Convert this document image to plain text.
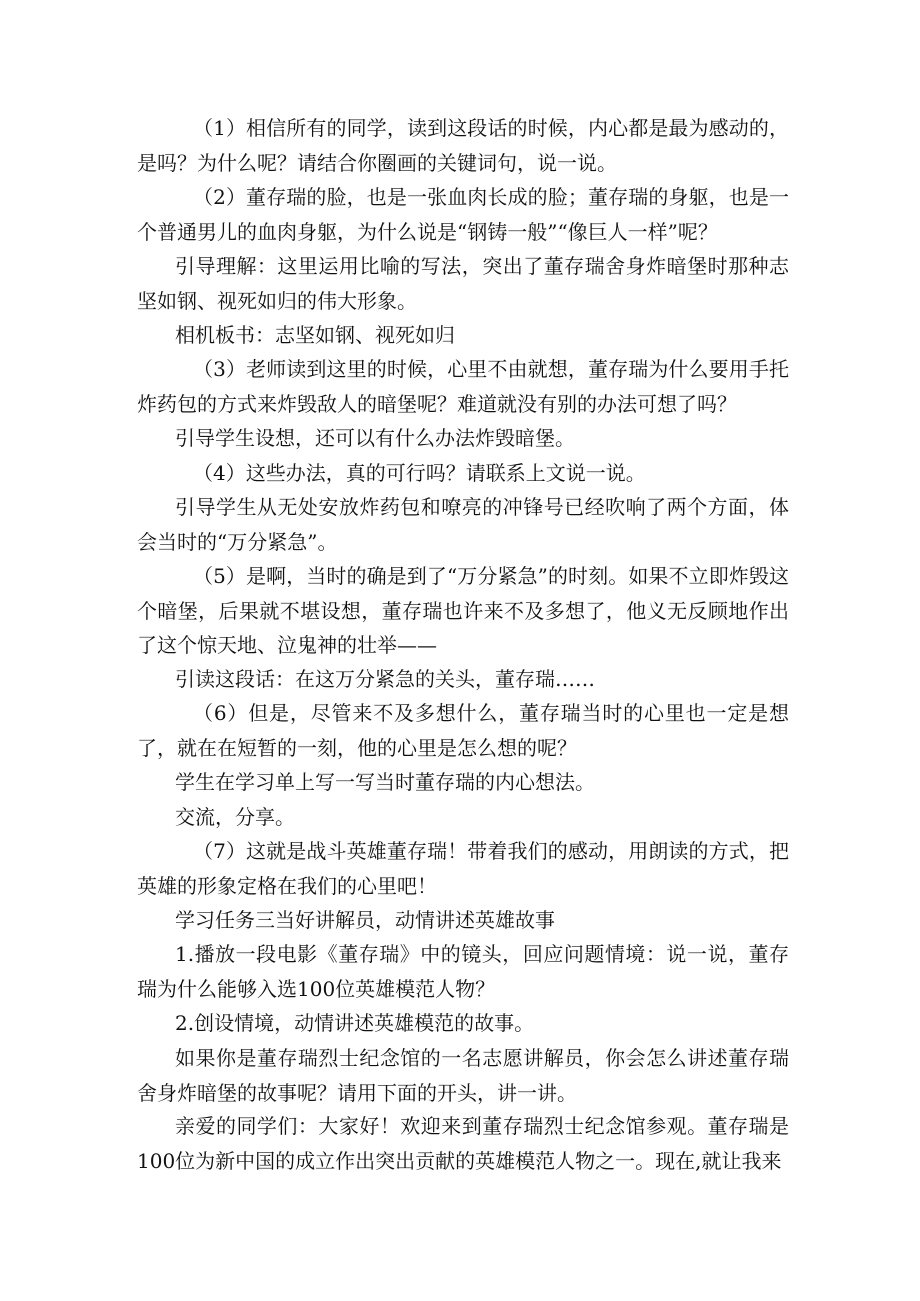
（1）相信所有的同学，读到这段话的时候，内心都是最为感动的，是吗？为什么呢？请结合你圈画的关键词句，说一说。

（2）董存瑞的脸，也是一张血肉长成的脸；董存瑞的身躯，也是一个普通男儿的血肉身躯，为什么说是“钢铸一般”“像巨人一样”呢？

引导理解：这里运用比喻的写法，突出了董存瑞舍身炸暗堡时那种志坚如钢、视死如归的伟大形象。

相机板书：志坚如钢、视死如归

（3）老师读到这里的时候，心里不由就想，董存瑞为什么要用手托炸药包的方式来炸毁敌人的暗堡呢？难道就没有别的办法可想了吗？

引导学生设想，还可以有什么办法炸毁暗堡。

（4）这些办法，真的可行吗？请联系上文说一说。

引导学生从无处安放炸药包和嘹亮的冲锋号已经吹响了两个方面，体会当时的“万分紧急”。

（5）是啊，当时的确是到了“万分紧急”的时刻。如果不立即炸毁这个暗堡，后果就不堪设想，董存瑞也许来不及多想了，他义无反顾地作出了这个惊天地、泣鬼神的壮举——

引读这段话：在这万分紧急的关头，董存瑞……

（6）但是，尽管来不及多想什么，董存瑞当时的心里也一定是想了，就在在短暂的一刻，他的心里是怎么想的呢？

学生在学习单上写一写当时董存瑞的内心想法。

交流，分享。

（7）这就是战斗英雄董存瑞！带着我们的感动，用朗读的方式，把英雄的形象定格在我们的心里吧！

学习任务三当好讲解员，动情讲述英雄故事

1.播放一段电影《董存瑞》中的镜头，回应问题情境：说一说，董存瑞为什么能够入选100位英雄模范人物？

2.创设情境，动情讲述英雄模范的故事。

如果你是董存瑞烈士纪念馆的一名志愿讲解员，你会怎么讲述董存瑞舍身炸暗堡的故事呢？请用下面的开头，讲一讲。

亲爱的同学们：大家好！欢迎来到董存瑞烈士纪念馆参观。董存瑞是100位为新中国的成立作出突出贡献的英雄模范人物之一。现在,就让我来
